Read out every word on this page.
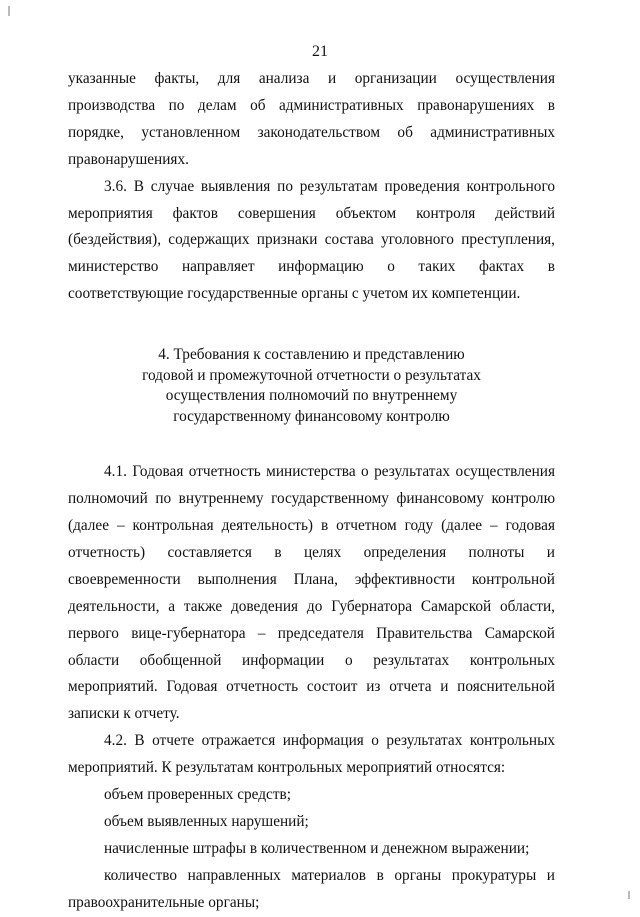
21

указанные факты, для анализа и организации осуществления производства по делам об административных правонарушениях в порядке, установленном законодательством об административных правонарушениях.

3.6. В случае выявления по результатам проведения контрольного мероприятия фактов совершения объектом контроля действий (бездействия), содержащих признаки состава уголовного преступления, министерство направляет информацию о таких фактах в соответствующие государственные органы с учетом их компетенции.

4. Требования к составлению и представлению

годовой и промежуточной отчетности о результатах

осуществления полномочий по внутреннему

государственному финансовому контролю

4.1. Годовая отчетность министерства о результатах осуществления полномочий по внутреннему государственному финансовому контролю (далее – контрольная деятельность) в отчетном году (далее – годовая отчетность) составляется в целях определения полноты и своевременности выполнения Плана, эффективности контрольной деятельности, а также доведения до Губернатора Самарской области, первого вице-губернатора – председателя Правительства Самарской области обобщенной информации о результатах контрольных мероприятий. Годовая отчетность состоит из отчета и пояснительной записки к отчету.

4.2. В отчете отражается информация о результатах контрольных мероприятий. К результатам контрольных мероприятий относятся:

объем проверенных средств;

объем выявленных нарушений;

начисленные штрафы в количественном и денежном выражении;

количество направленных материалов в органы прокуратуры и правоохранительные органы;
